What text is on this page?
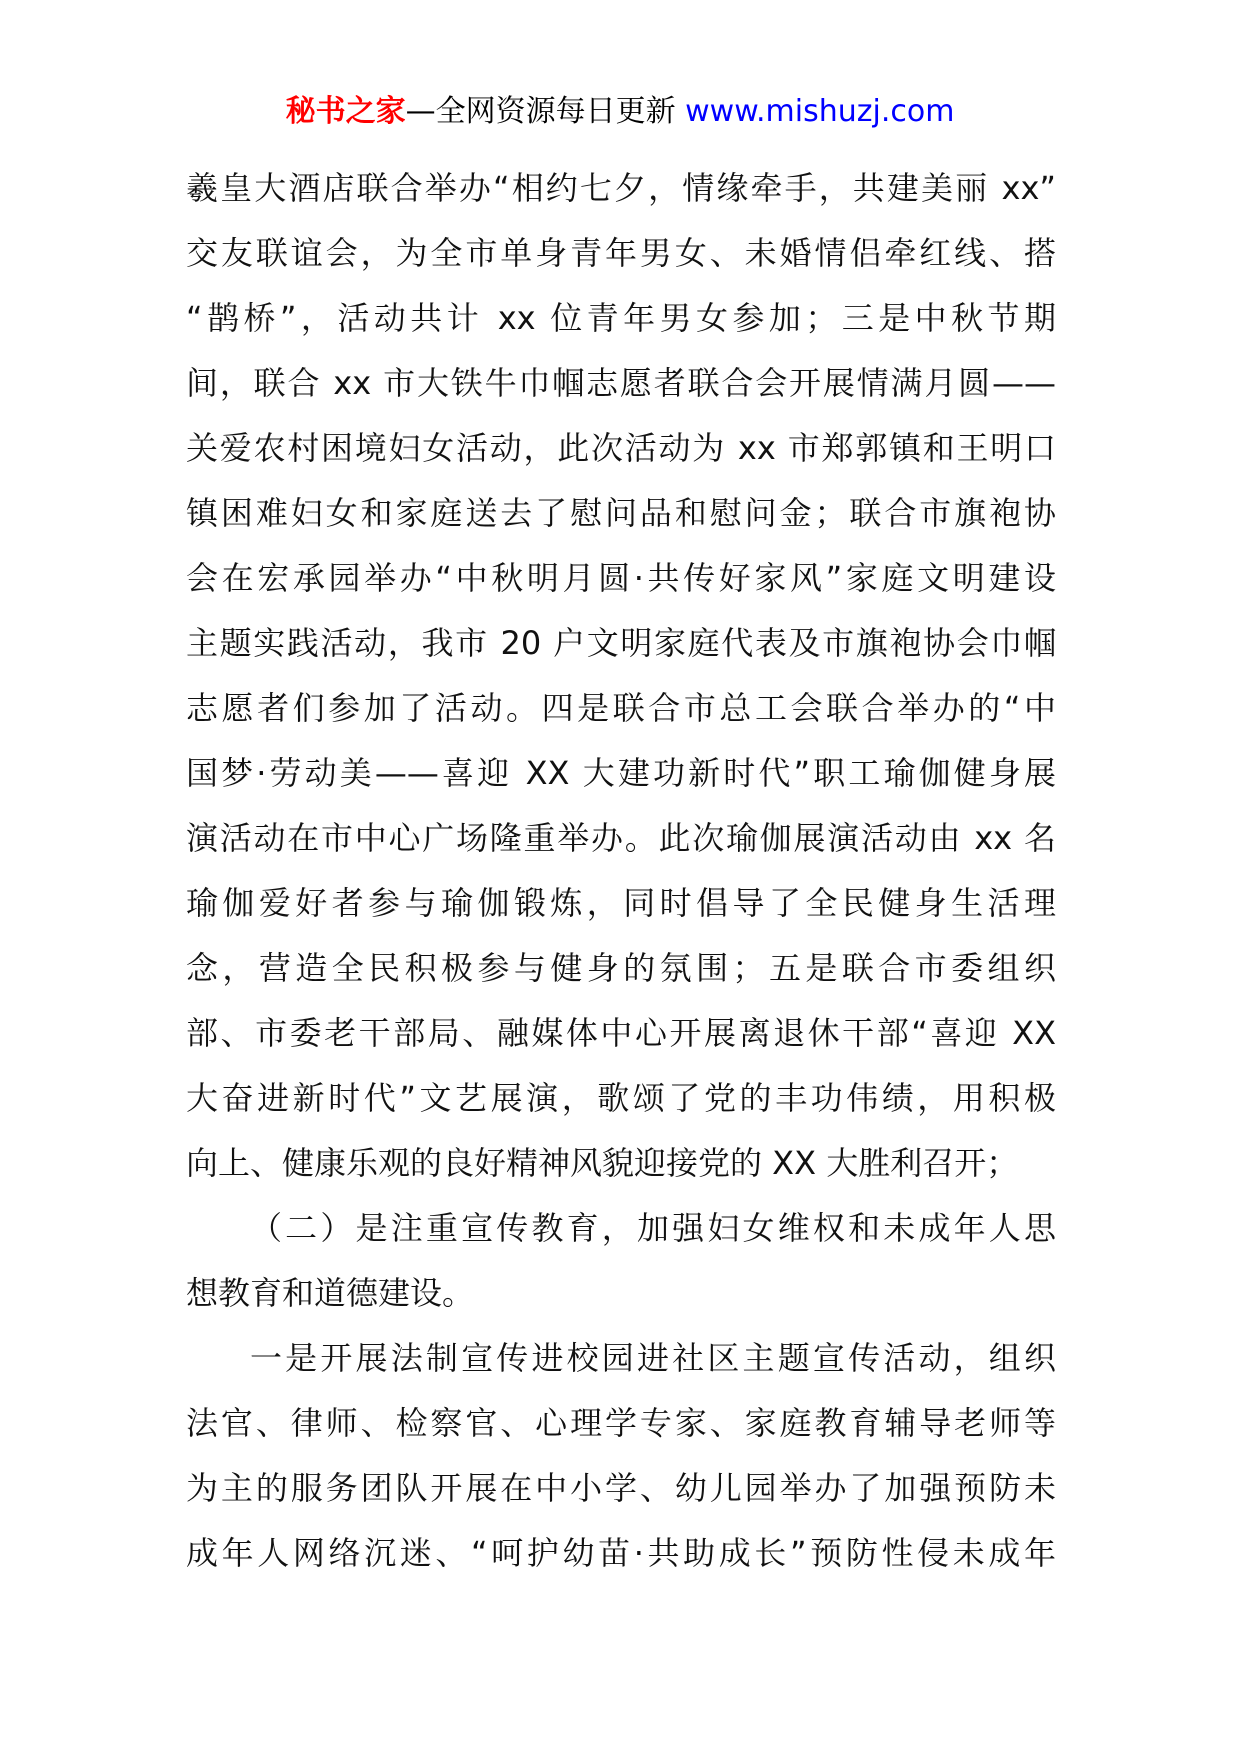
秘书之家—全网资源每日更新 www.mishuzj.com
羲皇大酒店联合举办“相约七夕，情缘牵手，共建美丽 xx”
交友联谊会，为全市单身青年男女、未婚情侣牵红线、搭
“鹊桥”，活动共计 xx 位青年男女参加；三是中秋节期
间，联合 xx 市大铁牛巾帼志愿者联合会开展情满月圆——
关爱农村困境妇女活动，此次活动为 xx 市郑郭镇和王明口
镇困难妇女和家庭送去了慰问品和慰问金；联合市旗袍协
会在宏承园举办“中秋明月圆·共传好家风”家庭文明建设
主题实践活动，我市 20 户文明家庭代表及市旗袍协会巾帼
志愿者们参加了活动。四是联合市总工会联合举办的“中
国梦·劳动美——喜迎 XX 大建功新时代”职工瑜伽健身展
演活动在市中心广场隆重举办。此次瑜伽展演活动由 xx 名
瑜伽爱好者参与瑜伽锻炼，同时倡导了全民健身生活理
念，营造全民积极参与健身的氛围；五是联合市委组织
部、市委老干部局、融媒体中心开展离退休干部“喜迎 XX
大奋进新时代”文艺展演，歌颂了党的丰功伟绩，用积极
向上、健康乐观的良好精神风貌迎接党的 XX 大胜利召开；
（二）是注重宣传教育，加强妇女维权和未成年人思
想教育和道德建设。
一是开展法制宣传进校园进社区主题宣传活动，组织
法官、律师、检察官、心理学专家、家庭教育辅导老师等
为主的服务团队开展在中小学、幼儿园举办了加强预防未
成年人网络沉迷、“呵护幼苗·共助成长”预防性侵未成年
